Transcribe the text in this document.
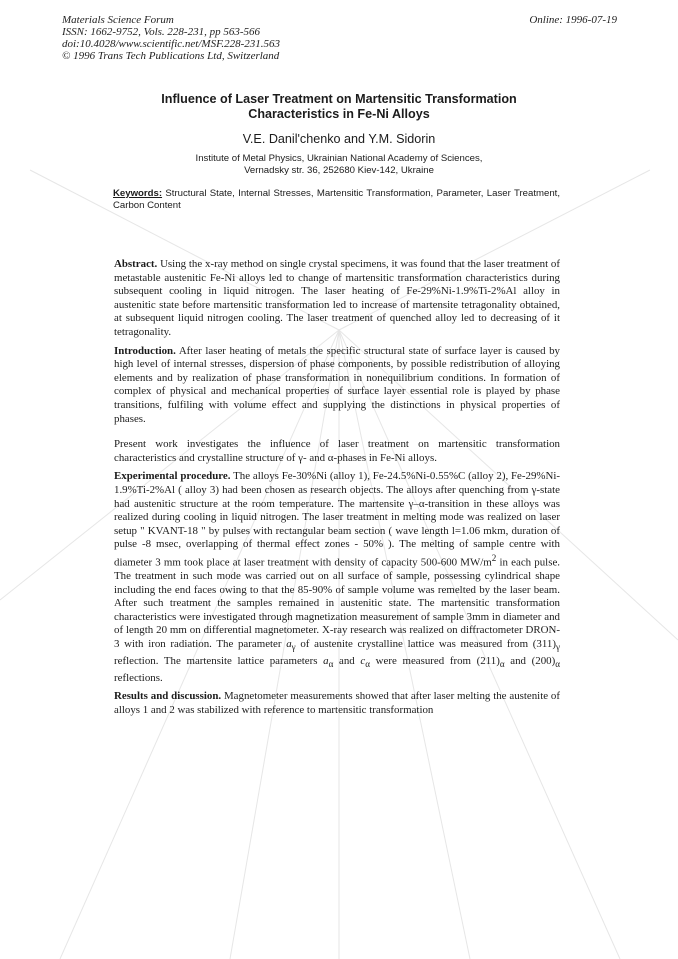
Materials Science Forum
ISSN: 1662-9752, Vols. 228-231, pp 563-566
doi:10.4028/www.scientific.net/MSF.228-231.563
© 1996 Trans Tech Publications Ltd, Switzerland
Online: 1996-07-19
Influence of Laser Treatment on Martensitic Transformation
Characteristics in Fe-Ni Alloys
V.E. Danil'chenko and Y.M. Sidorin
Institute of Metal Physics, Ukrainian National Academy of Sciences,
Vernadsky str. 36, 252680 Kiev-142, Ukraine
Keywords: Structural State, Internal Stresses, Martensitic Transformation, Parameter, Laser Treatment, Carbon Content

Abstract. Using the x-ray method on single crystal specimens, it was found that the laser treatment of metastable austenitic Fe-Ni alloys led to change of martensitic transformation characteristics during subsequent cooling in liquid nitrogen. The laser heating of Fe-29%Ni-1.9%Ti-2%Al alloy in austenitic state before martensitic transformation led to increase of martensite tetragonality obtained, at subsequent liquid nitrogen cooling. The laser treatment of quenched alloy led to decreasing of it tetragonality.

Introduction. After laser heating of metals the specific structural state of surface layer is caused by high level of internal stresses, dispersion of phase components, by possible redistribution of alloying elements and by realization of phase transformation in nonequilibrium conditions. In formation of complex of physical and mechanical properties of surface layer essential role is played by phase transitions, fulfiling with volume effect and supplying the distinctions in physical properties of phases.

Present work investigates the influence of laser treatment on martensitic transformation characteristics and crystalline structure of γ- and α-phases in Fe-Ni alloys.

Experimental procedure. The alloys Fe-30%Ni (alloy 1), Fe-24.5%Ni-0.55%C (alloy 2), Fe-29%Ni-1.9%Ti-2%Al ( alloy 3) had been chosen as research objects. The alloys after quenching from γ-state had austenitic structure at the room temperature. The martensite γ–α-transition in these alloys was realized during cooling in liquid nitrogen. The laser treatment in melting mode was realized on laser setup " KVANT-18 " by pulses with rectangular beam section ( wave length l=1.06 mkm, duration of pulse -8 msec, overlapping of thermal effect zones - 50% ). The melting of sample centre with diameter 3 mm took place at laser treatment with density of capacity 500-600 $MW/m^2$ in each pulse. The treatment in such mode was carried out on all surface of sample, possessing cylindrical shape including the end faces owing to that the 85-90% of sample volume was remelted by the laser beam. After such treatment the samples remained in austenitic state. The martensitic transformation characteristics were investigated through magnetization measurement of sample 3mm in diameter and of length 20 mm on differential magnetometer. X-ray research was realized on diffractometer DRON-3 with iron radiation. The parameter $a_\gamma$ of austenite crystalline lattice was measured from $(311)_\gamma$ reflection. The martensite lattice parameters $a_\alpha$ and $c_\alpha$ were measured from $(211)_\alpha$ and $(200)_\alpha$ reflections.

Results and discussion. Magnetometer measurements showed that after laser melting the austenite of alloys 1 and 2 was stabilized with reference to martensitic transformation
